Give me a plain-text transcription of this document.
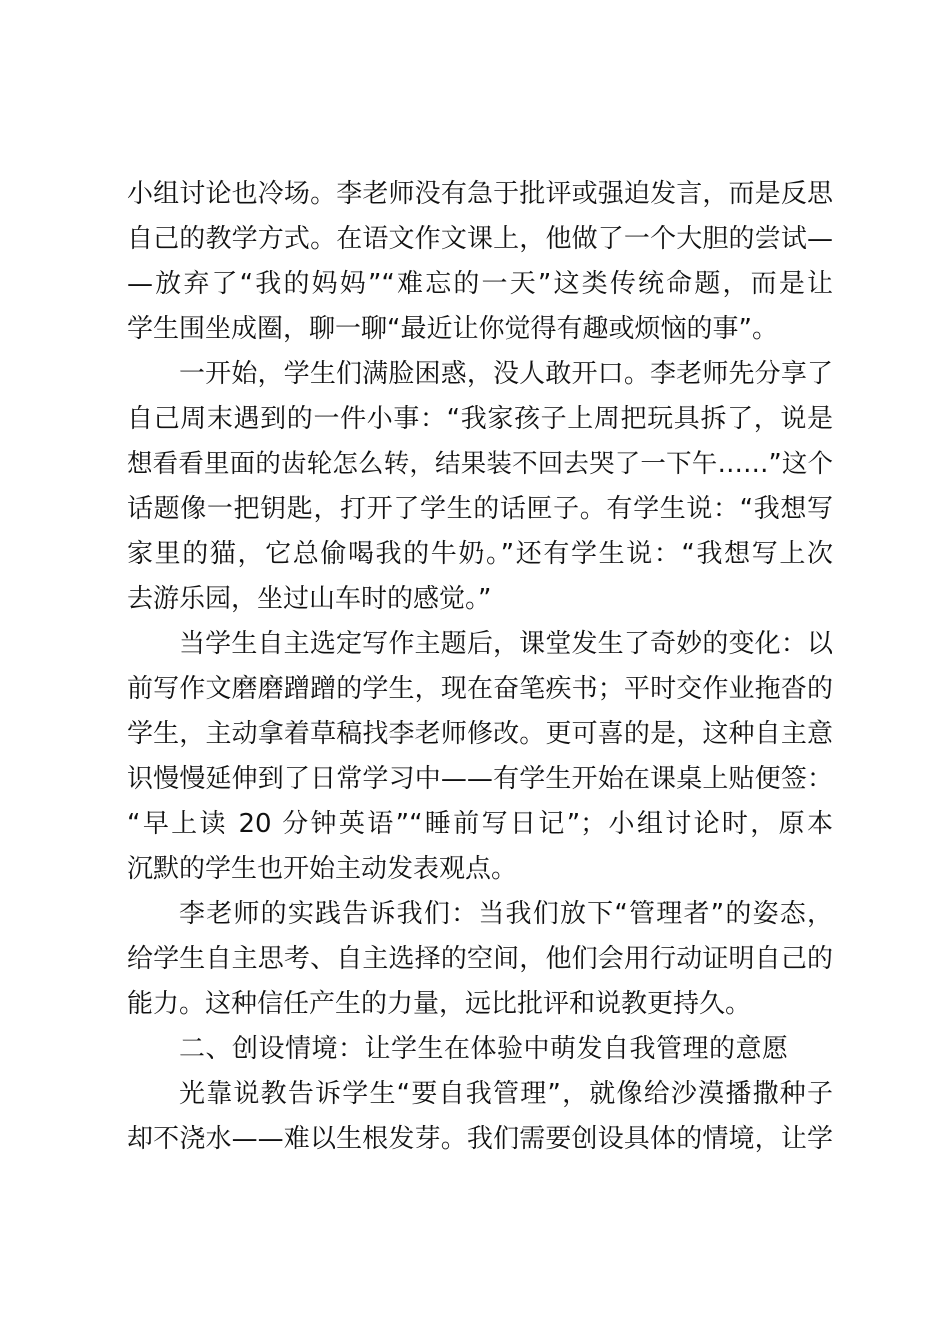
小组讨论也冷场。李老师没有急于批评或强迫发言，而是反思
自己的教学方式。在语文作文课上，他做了一个大胆的尝试—
—放弃了“我的妈妈”“难忘的一天”这类传统命题，而是让
学生围坐成圈，聊一聊“最近让你觉得有趣或烦恼的事”。
一开始，学生们满脸困惑，没人敢开口。李老师先分享了
自己周末遇到的一件小事：“我家孩子上周把玩具拆了，说是
想看看里面的齿轮怎么转，结果装不回去哭了一下午……”这个
话题像一把钥匙，打开了学生的话匣子。有学生说：“我想写
家里的猫，它总偷喝我的牛奶。”还有学生说：“我想写上次
去游乐园，坐过山车时的感觉。”
当学生自主选定写作主题后，课堂发生了奇妙的变化：以
前写作文磨磨蹭蹭的学生，现在奋笔疾书；平时交作业拖沓的
学生，主动拿着草稿找李老师修改。更可喜的是，这种自主意
识慢慢延伸到了日常学习中——有学生开始在课桌上贴便签：
“早上读 20 分钟英语”“睡前写日记”；小组讨论时，原本
沉默的学生也开始主动发表观点。
李老师的实践告诉我们：当我们放下“管理者”的姿态，
给学生自主思考、自主选择的空间，他们会用行动证明自己的
能力。这种信任产生的力量，远比批评和说教更持久。
二、创设情境：让学生在体验中萌发自我管理的意愿
光靠说教告诉学生“要自我管理”，就像给沙漠播撒种子
却不浇水——难以生根发芽。我们需要创设具体的情境，让学
